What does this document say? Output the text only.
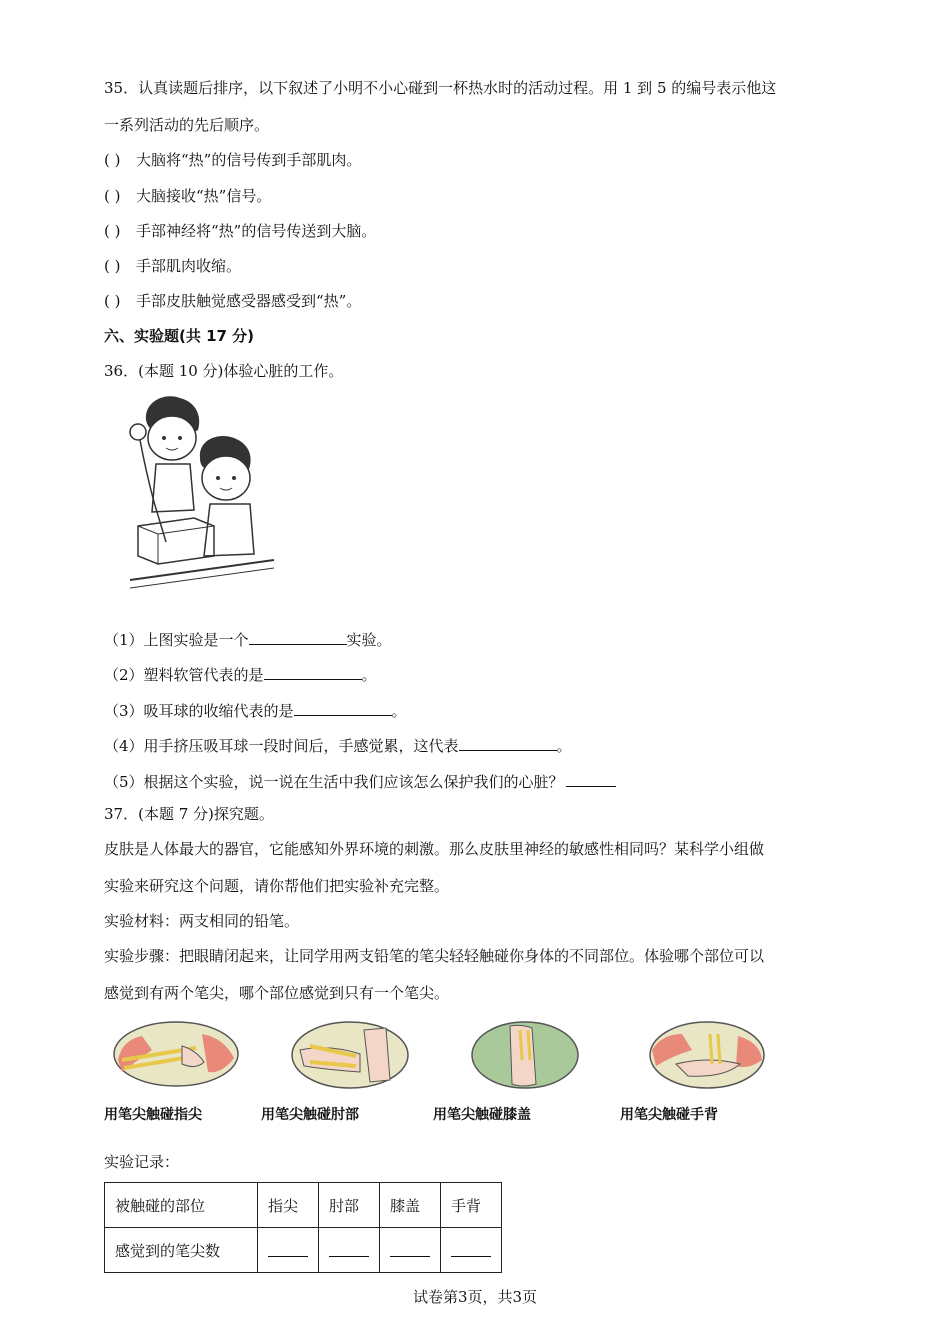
35．认真读题后排序，以下叙述了小明不小心碰到一杯热水时的活动过程。用 1 到 5 的编号表示他这
一系列活动的先后顺序。
( ) 大脑将“热”的信号传到手部肌肉。
( ) 大脑接收“热”信号。
( ) 手部神经将“热”的信号传送到大脑。
( ) 手部肌肉收缩。
( ) 手部皮肤触觉感受器感受到“热”。
六、实验题(共 17 分)
36．(本题 10 分)体验心脏的工作。
（1）上图实验是一个	实验。
（2）塑料软管代表的是	。
（3）吸耳球的收缩代表的是	。
（4）用手挤压吸耳球一段时间后，手感觉累，这代表	。
（5）根据这个实验，说一说在生活中我们应该怎么保护我们的心脏？
37．(本题 7 分)探究题。
皮肤是人体最大的器官，它能感知外界环境的刺激。那么皮肤里神经的敏感性相同吗？某科学小组做
实验来研究这个问题，请你帮他们把实验补充完整。
实验材料：两支相同的铅笔。
实验步骤：把眼睛闭起来，让同学用两支铅笔的笔尖轻轻触碰你身体的不同部位。体验哪个部位可以
感觉到有两个笔尖，哪个部位感觉到只有一个笔尖。
用笔尖触碰指尖	用笔尖触碰肘部	用笔尖触碰膝盖	用笔尖触碰手背
实验记录：
被触碰的部位	指尖	肘部	膝盖	手背
感觉到的笔尖数				
试卷第3页，共3页
